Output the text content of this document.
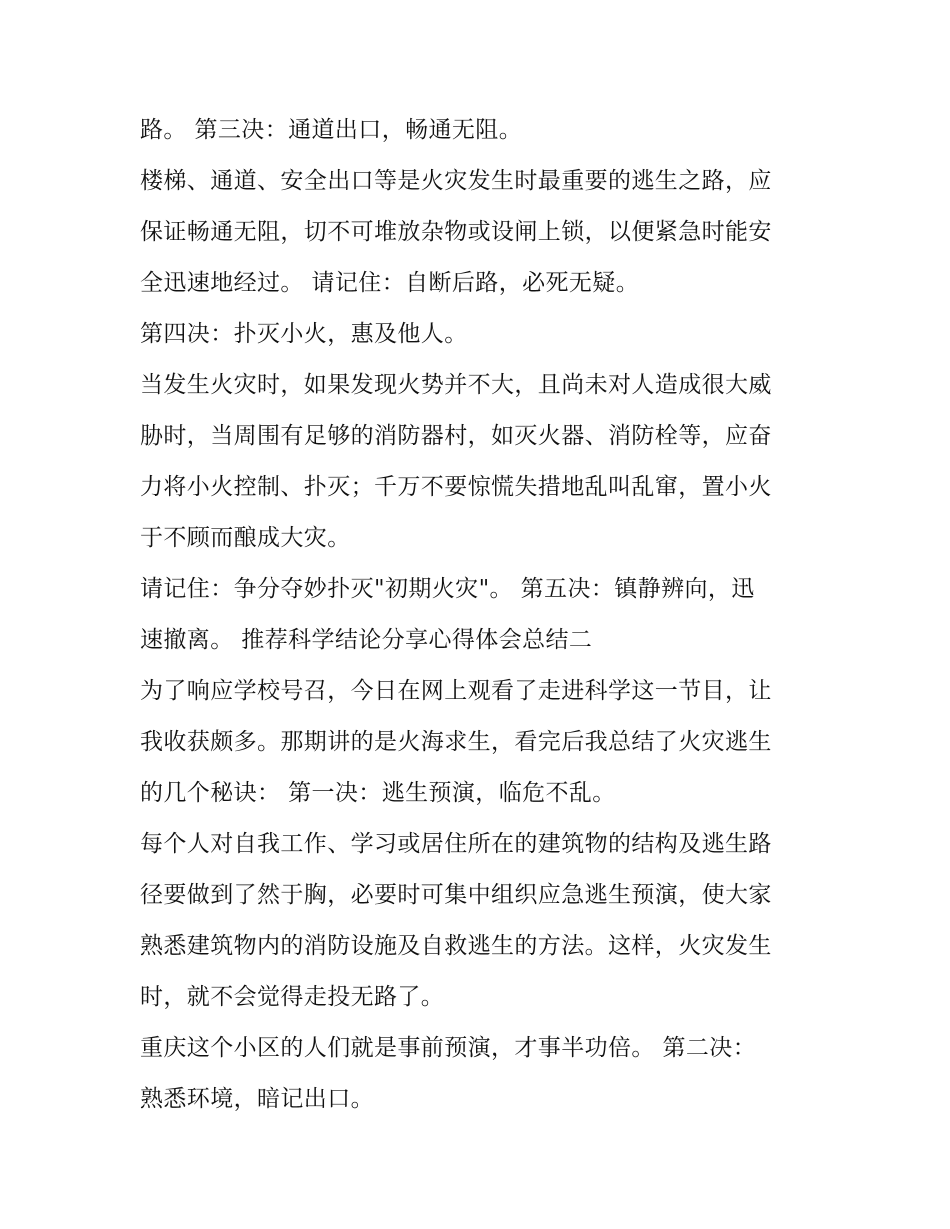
路。 第三决：通道出口，畅通无阻。
楼梯、通道、安全出口等是火灾发生时最重要的逃生之路，应
保证畅通无阻，切不可堆放杂物或设闸上锁，以便紧急时能安
全迅速地经过。 请记住：自断后路，必死无疑。
第四决：扑灭小火，惠及他人。
当发生火灾时，如果发现火势并不大，且尚未对人造成很大威
胁时，当周围有足够的消防器村，如灭火器、消防栓等，应奋
力将小火控制、扑灭；千万不要惊慌失措地乱叫乱窜，置小火
于不顾而酿成大灾。
请记住：争分夺妙扑灭"初期火灾"。 第五决：镇静辨向，迅
速撤离。 推荐科学结论分享心得体会总结二
为了响应学校号召，今日在网上观看了走进科学这一节目，让
我收获颇多。那期讲的是火海求生，看完后我总结了火灾逃生
的几个秘诀： 第一决：逃生预演，临危不乱。
每个人对自我工作、学习或居住所在的建筑物的结构及逃生路
径要做到了然于胸，必要时可集中组织应急逃生预演，使大家
熟悉建筑物内的消防设施及自救逃生的方法。这样，火灾发生
时，就不会觉得走投无路了。
重庆这个小区的人们就是事前预演，才事半功倍。 第二决：
熟悉环境，暗记出口。
